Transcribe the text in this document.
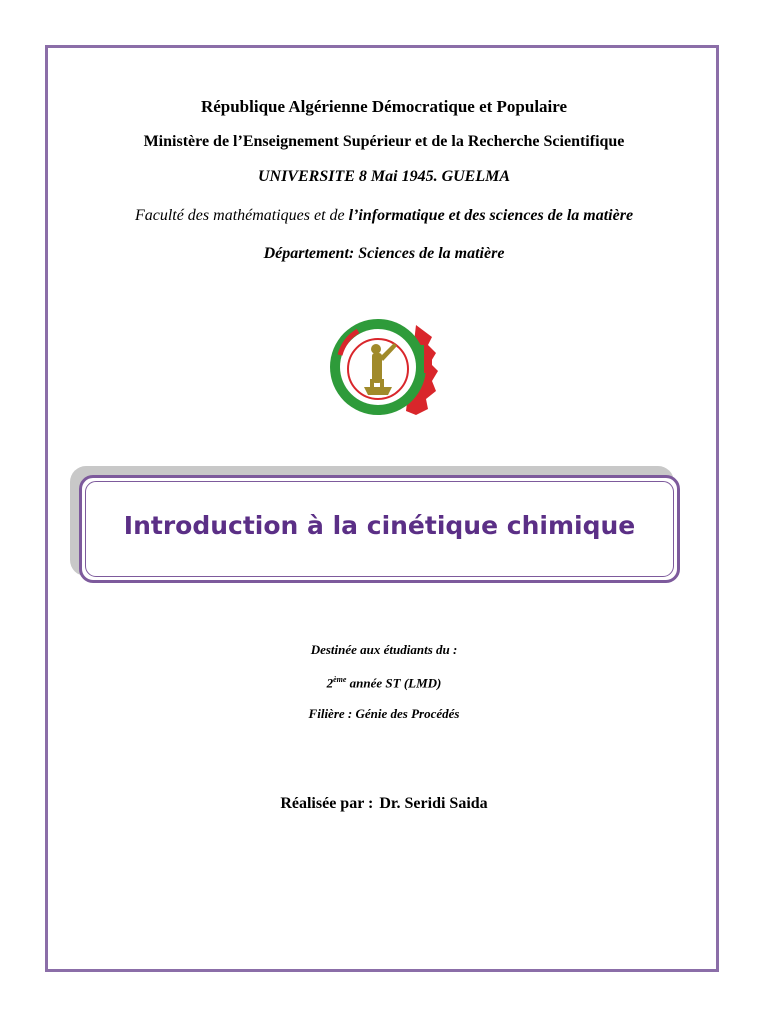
République Algérienne Démocratique et Populaire
Ministère de l’Enseignement Supérieur et de la Recherche Scientifique
UNIVERSITE 8 Mai 1945. GUELMA
Faculté des mathématiques et de l’informatique et des sciences de la matière
Département: Sciences de la matière
Introduction à la cinétique chimique
Destinée aux étudiants du :
2ème année ST (LMD)
Filière : Génie des Procédés
Réalisée par : Dr. Seridi Saida
